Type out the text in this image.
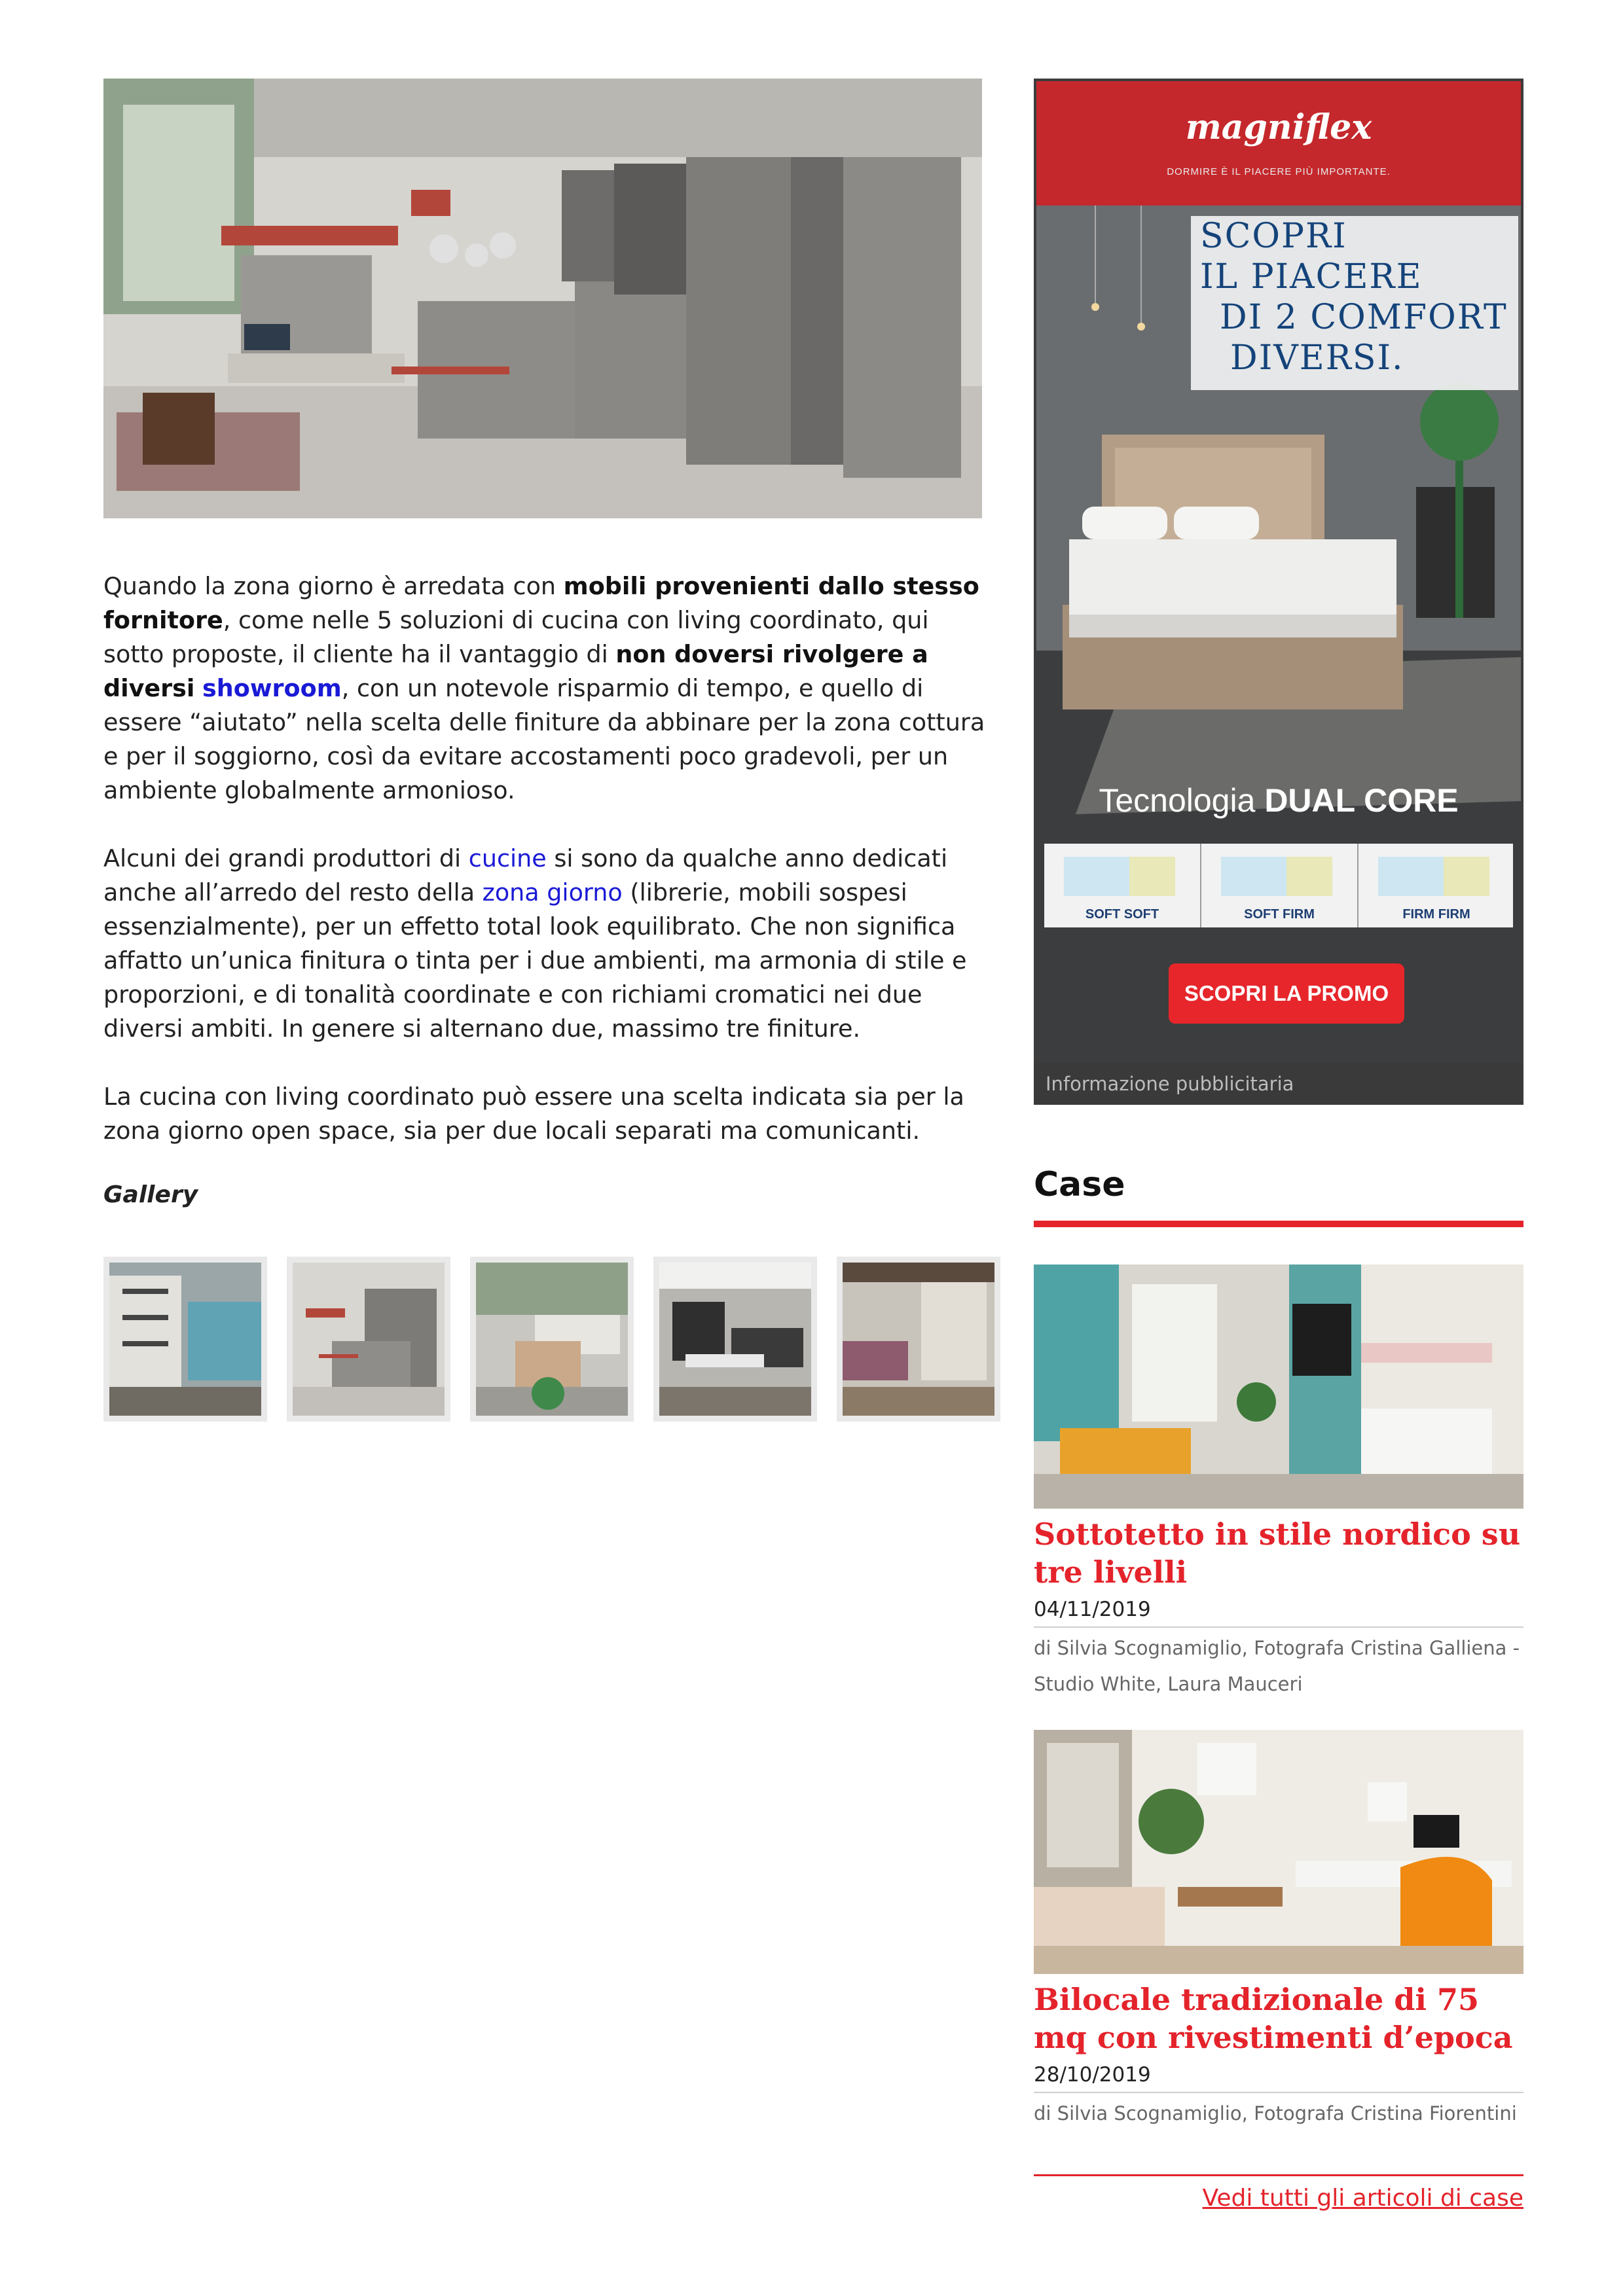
Quando la zona giorno è arredata con mobili provenienti dallo stesso fornitore, come nelle 5 soluzioni di cucina con living coordinato, qui sotto proposte, il cliente ha il vantaggio di non doversi rivolgere a diversi showroom, con un notevole risparmio di tempo, e quello di essere “aiutato” nella scelta delle finiture da abbinare per la zona cottura e per il soggiorno, così da evitare accostamenti poco gradevoli, per un ambiente globalmente armonioso.

Alcuni dei grandi produttori di cucine si sono da qualche anno dedicati anche all’arredo del resto della zona giorno (librerie, mobili sospesi essenzialmente), per un effetto total look equilibrato. Che non significa affatto un’unica finitura o tinta per i due ambienti, ma armonia di stile e proporzioni, e di tonalità coordinate e con richiami cromatici nei due diversi ambiti. In genere si alternano due, massimo tre finiture.

La cucina con living coordinato può essere una scelta indicata sia per la zona giorno open space, sia per due locali separati ma comunicanti.

Gallery
magniflex
DORMIRE È IL PIACERE PIÙ IMPORTANTE.
SCOPRI
IL PIACERE
DI 2 COMFORT
DIVERSI.
Tecnologia DUAL CORE
SOFT SOFT	SOFT FIRM	FIRM FIRM
SCOPRI LA PROMO
Informazione pubblicitaria
Case
Sottotetto in stile nordico su tre livelli
04/11/2019
di Silvia Scognamiglio, Fotografa Cristina Galliena - Studio White, Laura Mauceri
Bilocale tradizionale di 75 mq con rivestimenti d’epoca
28/10/2019
di Silvia Scognamiglio, Fotografa Cristina Fiorentini
Vedi tutti gli articoli di case
